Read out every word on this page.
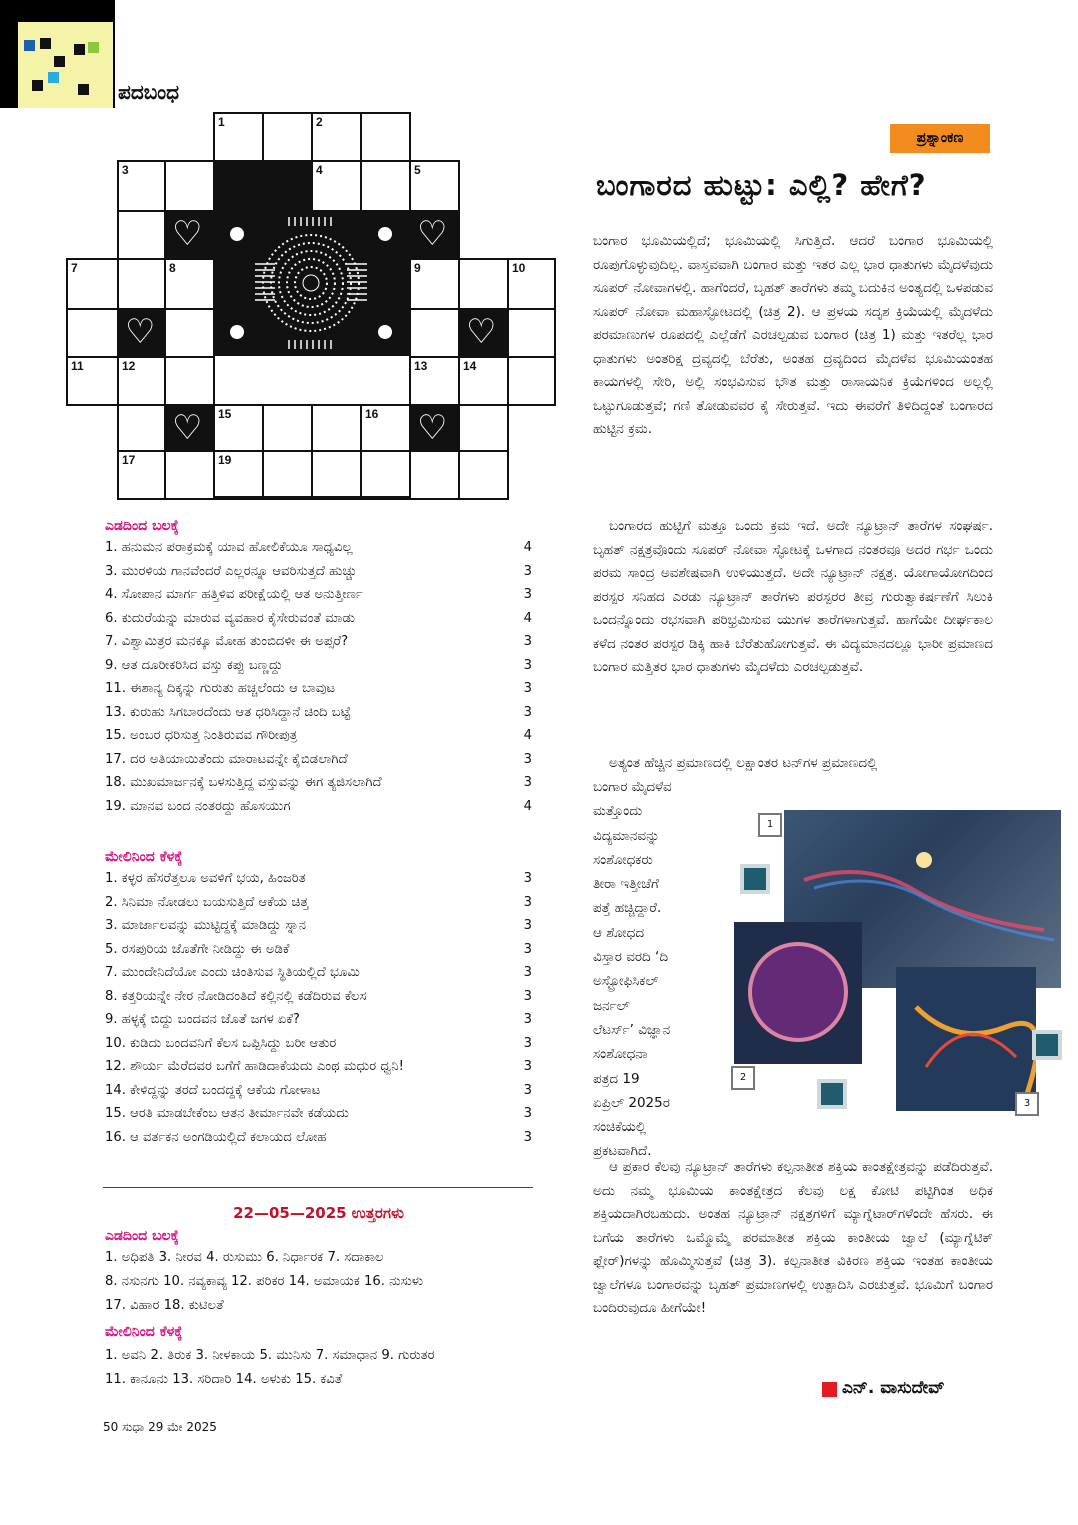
ಪದಬಂಧ
1	2
3	4	5
♡	♡
7	8	9	10
♡	♡
11	12	13	14
♡ 15	16 ♡
17	19
ಎಡದಿಂದ ಬಲಕ್ಕೆ
1. ಹನುಮನ ಪರಾಕ್ರಮಕ್ಕೆ ಯಾವ ಹೋಲಿಕೆಯೂ ಸಾಧ್ಯವಿಲ್ಲ	4
3. ಮುರಳಿಯ ಗಾನವೆಂದರೆ ಎಲ್ಲರನ್ನೂ ಆವರಿಸುತ್ತದೆ ಹುಚ್ಚು	3
4. ಸೋಪಾನ ಮಾರ್ಗ ಹತ್ತಿಳಿವ ಪರೀಕ್ಷೆಯಲ್ಲಿ ಆತ ಅನುತ್ತೀರ್ಣ	3
6. ಕುದುರೆಯನ್ನು ಮಾರುವ ವ್ಯವಹಾರ ಕೈಸೇರುವಂತೆ ಮಾಡು	4
7. ವಿಶ್ವಾಮಿತ್ರರ ಮನಕ್ಕೂ ಮೋಹ ತುಂಬಿದಳೀ ಈ ಅಪ್ಸರೆ?	3
9. ಆತ ದೂರೀಕರಿಸಿದ ವಸ್ತು ಕಪ್ಪು ಬಣ್ಣದ್ದು	3
11. ಈಶಾನ್ಯ ದಿಕ್ಕನ್ನು ಗುರುತು ಹಚ್ಚಲೆಂದು ಆ ಬಾವುಟ	3
13. ಕುರುಹು ಸಿಗಬಾರದೆಂದು ಆತ ಧರಿಸಿದ್ದಾನೆ ಚಿಂದಿ ಬಟ್ಟೆ	3
15. ಅಂಬರ ಧರಿಸುತ್ತ ನಿಂತಿರುವವ ಗೌರೀಪುತ್ರ	4
17. ದರ ಅತಿಯಾಯಿತೆಂದು ಮಾರಾಟವನ್ನೇ ಕೈಬಿಡಲಾಗಿದೆ	3
18. ಮುಖಮಾರ್ಜನಕ್ಕೆ ಬಳಸುತ್ತಿದ್ದ ವಸ್ತುವನ್ನು ಈಗ ತ್ಯಜಿಸಲಾಗಿದೆ	3
19. ಮಾನವ ಬಂದ ನಂತರದ್ದು ಹೊಸಯುಗ	4
ಮೇಲಿನಿಂದ ಕೆಳಕ್ಕೆ
1. ಕಳ್ಳರ ಹೆಸರೆತ್ತಲೂ ಅವಳಿಗೆ ಭಯ, ಹಿಂಜರಿತ	3
2. ಸಿನಿಮಾ ನೋಡಲು ಬಯಸುತ್ತಿದೆ ಆಕೆಯ ಚಿತ್ತ	3
3. ಮಾರ್ಜಾಲವನ್ನು ಮುಟ್ಟಿದ್ದಕ್ಕೆ ಮಾಡಿದ್ದು ಸ್ನಾನ	3
5. ರಸಪುರಿಯ ಜೊತೆಗೇ ನೀಡಿದ್ದು ಈ ಅಡಿಕೆ	3
7. ಮುಂದೇನಿದೆಯೋ ಎಂದು ಚಿಂತಿಸುವ ಸ್ಥಿತಿಯಲ್ಲಿದೆ ಭೂಮಿ	3
8. ಕತ್ತರಿಯನ್ನೇ ನೇರ ನೋಡಿದಂತಿದೆ ಕಲ್ಲಿನಲ್ಲಿ ಕಡೆದಿರುವ ಕೆಲಸ	3
9. ಹಳ್ಳಕ್ಕೆ ಬಿದ್ದು ಬಂದವನ ಜೊತೆ ಜಗಳ ಏಕೆ?	3
10. ಕುಡಿದು ಬಂದವನಿಗೆ ಕೆಲಸ ಒಪ್ಪಿಸಿದ್ದು ಬರೀ ಆತುರ	3
12. ಶೌರ್ಯ ಮೆರೆದವರ ಬಗೆಗೆ ಹಾಡಿದಾಕೆಯದು ಎಂಥ ಮಧುರ ಧ್ವನಿ!	3
14. ಕೇಳಿದ್ದನ್ನು ತರದೆ ಬಂದದ್ದಕ್ಕೆ ಆಕೆಯ ಗೋಳಾಟ	3
15. ಆರತಿ ಮಾಡಬೇಕೆಂಬ ಆತನ ತೀರ್ಮಾನವೇ ಕಡೆಯದು	3
16. ಆ ವರ್ತಕನ ಅಂಗಡಿಯಲ್ಲಿದೆ ಕಲಾಯದ ಲೋಹ	3
22—05—2025 ಉತ್ತರಗಳು
ಎಡದಿಂದ ಬಲಕ್ಕೆ
1. ಅಧಿಪತಿ 3. ನೀರವ 4. ರುಸುಮು 6. ನಿರ್ಧಾರಕ 7. ಸದಾಕಾಲ
8. ನಸುನಗು 10. ನವ್ಯಕಾವ್ಯ 12. ಪರಿಕರ 14. ಅಮಾಯಕ 16. ನುಸುಳು
17. ವಿಹಾರ 18. ಕುಟಿಲತೆ
ಮೇಲಿನಿಂದ ಕೆಳಕ್ಕೆ
1. ಅವನಿ 2. ತಿರುಕ 3. ನೀಳಕಾಯ 5. ಮುನಿಸು 7. ಸಮಾಧಾನ 9. ಗುರುತರ
11. ಕಾನೂನು 13. ಸರಿದಾರಿ 14. ಅಳುಕು 15. ಕವಿತೆ
50 ಸುಧಾ 29 ಮೇ 2025
ಪ್ರಶ್ನಾಂಕಣ
ಬಂಗಾರದ ಹುಟ್ಟು: ಎಲ್ಲಿ? ಹೇಗೆ?
ಬಂಗಾರ ಭೂಮಿಯಲ್ಲಿದೆ; ಭೂಮಿಯಲ್ಲಿ ಸಿಗುತ್ತಿದೆ. ಆದರೆ ಬಂಗಾರ ಭೂಮಿಯಲ್ಲಿ ರೂಪುಗೊಳ್ಳುವುದಿಲ್ಲ. ವಾಸ್ತವವಾಗಿ ಬಂಗಾರ ಮತ್ತು ಇತರ ಎಲ್ಲ ಭಾರ ಧಾತುಗಳು ಮೈದಳೆವುದು ಸೂಪರ್ ನೋವಾಗಳಲ್ಲಿ. ಹಾಗೆಂದರೆ, ಬೃಹತ್ ತಾರೆಗಳು ತಮ್ಮ ಬದುಕಿನ ಅಂತ್ಯದಲ್ಲಿ ಒಳಪಡುವ ಸೂಪರ್ ನೋವಾ ಮಹಾಸ್ಫೋಟದಲ್ಲಿ (ಚಿತ್ರ 2). ಆ ಪ್ರಳಯ ಸದೃಶ ಕ್ರಿಯೆಯಲ್ಲಿ ಮೈದಳೆದು ಪರಮಾಣುಗಳ ರೂಪದಲ್ಲಿ ಎಲ್ಲೆಡೆಗೆ ಎರಚಲ್ಪಡುವ ಬಂಗಾರ (ಚಿತ್ರ 1) ಮತ್ತು ಇತರೆಲ್ಲ ಭಾರ ಧಾತುಗಳು ಅಂತರಿಕ್ಷ ದ್ರವ್ಯದಲ್ಲಿ ಬೆರೆತು, ಅಂತಹ ದ್ರವ್ಯದಿಂದ ಮೈದಳೆವ ಭೂಮಿಯಂತಹ ಕಾಯಗಳಲ್ಲಿ ಸೇರಿ, ಅಲ್ಲಿ ಸಂಭವಿಸುವ ಭೌತ ಮತ್ತು ರಾಸಾಯನಿಕ ಕ್ರಿಯೆಗಳಿಂದ ಅಲ್ಲಲ್ಲಿ ಒಟ್ಟುಗೂಡುತ್ತವೆ; ಗಣಿ ತೋಡುವವರ ಕೈ ಸೇರುತ್ತವೆ. ಇದು ಈವರೆಗೆ ತಿಳಿದಿದ್ದಂತೆ ಬಂಗಾರದ ಹುಟ್ಟಿನ ಕ್ರಮ.
ಬಂಗಾರದ ಹುಟ್ಟಿಗೆ ಮತ್ತೂ ಒಂದು ಕ್ರಮ ಇದೆ. ಅದೇ ನ್ಯೂಟ್ರಾನ್ ತಾರೆಗಳ ಸಂಘರ್ಷ. ಬೃಹತ್ ನಕ್ಷತ್ರವೊಂದು ಸೂಪರ್ ನೋವಾ ಸ್ಫೋಟಕ್ಕೆ ಒಳಗಾದ ನಂತರವೂ ಅದರ ಗರ್ಭ ಒಂದು ಪರಮ ಸಾಂದ್ರ ಅವಶೇಷವಾಗಿ ಉಳಿಯುತ್ತದೆ. ಅದೇ ನ್ಯೂಟ್ರಾನ್ ನಕ್ಷತ್ರ. ಯೋಗಾಯೋಗದಿಂದ ಪರಸ್ಪರ ಸನಿಹದ ಎರಡು ನ್ಯೂಟ್ರಾನ್ ತಾರೆಗಳು ಪರಸ್ಪರರ ತೀವ್ರ ಗುರುತ್ವಾಕರ್ಷಣೆಗೆ ಸಿಲುಕಿ ಒಂದನ್ನೊಂದು ರಭಸವಾಗಿ ಪರಿಭ್ರಮಿಸುವ ಯುಗಳ ತಾರೆಗಳಾಗುತ್ತವೆ. ಹಾಗೆಯೇ ದೀರ್ಘಕಾಲ ಕಳೆದ ನಂತರ ಪರಸ್ಪರ ಡಿಕ್ಕಿ ಹಾಕಿ ಬೆರೆತುಹೋಗುತ್ತವೆ. ಈ ವಿದ್ಯಮಾನದಲ್ಲೂ ಭಾರೀ ಪ್ರಮಾಣದ ಬಂಗಾರ ಮತ್ತಿತರ ಭಾರ ಧಾತುಗಳು ಮೈದಳೆದು ಎರಚಲ್ಪಡುತ್ತವೆ.
ಅತ್ಯಂತ ಹೆಚ್ಚಿನ ಪ್ರಮಾಣದಲ್ಲಿ ಲಕ್ಷಾಂತರ ಟನ್‌ಗಳ ಪ್ರಮಾಣದಲ್ಲಿ
ಬಂಗಾರ ಮೈದಳೆವ
ಮತ್ತೊಂದು
ವಿದ್ಯಮಾನವನ್ನು
ಸಂಶೋಧಕರು
ತೀರಾ ಇತ್ತೀಚೆಗೆ
ಪತ್ತೆ ಹಚ್ಚಿದ್ದಾರೆ.
ಆ ಶೋಧದ
ವಿಸ್ತಾರ ವರದಿ ‘ದಿ
ಅಸ್ಟ್ರೋಫಿಸಿಕಲ್
ಜರ್ನಲ್
ಲೆಟರ್ಸ್’ ವಿಜ್ಞಾನ
ಸಂಶೋಧನಾ
ಪತ್ರದ 19
ಏಪ್ರಿಲ್ 2025ರ
ಸಂಚಿಕೆಯಲ್ಲಿ
ಪ್ರಕಟವಾಗಿದೆ.
ಆ ಪ್ರಕಾರ ಕೆಲವು ನ್ಯೂಟ್ರಾನ್ ತಾರೆಗಳು ಕಲ್ಪನಾತೀತ ಶಕ್ತಿಯ ಕಾಂತಕ್ಷೇತ್ರವನ್ನು ಪಡೆದಿರುತ್ತವೆ. ಅದು ನಮ್ಮ ಭೂಮಿಯ ಕಾಂತಕ್ಷೇತ್ರದ ಕೆಲವು ಲಕ್ಷ ಕೋಟಿ ಪಟ್ಟಿಗಿಂತ ಅಧಿಕ ಶಕ್ತಿಯದಾಗಿರಬಹುದು. ಅಂತಹ ನ್ಯೂಟ್ರಾನ್ ನಕ್ಷತ್ರಗಳಿಗೆ ಮ್ಯಾಗ್ನೆಟಾರ್‌ಗಳೆಂದೇ ಹೆಸರು. ಈ ಬಗೆಯ ತಾರೆಗಳು ಒಮ್ಮೊಮ್ಮೆ ಪರಮಾತೀತ ಶಕ್ತಿಯ ಕಾಂತೀಯ ಜ್ವಾಲೆ (ಮ್ಯಾಗ್ನೆಟಿಕ್ ಫ್ಲೇರ್)ಗಳನ್ನು ಹೊಮ್ಮಿಸುತ್ತವೆ (ಚಿತ್ರ 3). ಕಲ್ಪನಾತೀತ ವಿಕಿರಣ ಶಕ್ತಿಯ ಇಂತಹ ಕಾಂತೀಯ ಜ್ವಾಲೆಗಳೂ ಬಂಗಾರವನ್ನು ಬೃಹತ್ ಪ್ರಮಾಣಗಳಲ್ಲಿ ಉತ್ಪಾದಿಸಿ ಎರಚುತ್ತವೆ. ಭೂಮಿಗೆ ಬಂಗಾರ ಬಂದಿರುವುದೂ ಹೀಗೆಯೇ!
ಎನ್. ವಾಸುದೇವ್
1
2
3
